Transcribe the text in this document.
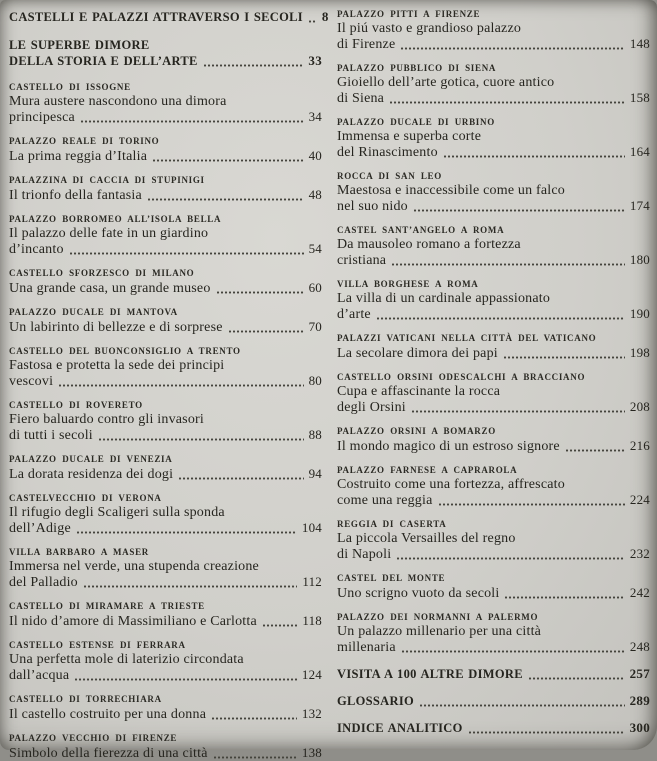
CASTELLI E PALAZZI ATTRAVERSO I SECOLI 8
LE SUPERBE DIMORE
DELLA STORIA E DELL’ARTE	33
CASTELLO DI ISSOGNE
Mura austere nascondono una dimora
principesca	34
PALAZZO REALE DI TORINO
La prima reggia d’Italia	40
PALAZZINA DI CACCIA DI STUPINIGI
Il trionfo della fantasia	48
PALAZZO BORROMEO ALL’ISOLA BELLA
Il palazzo delle fate in un giardino
d’incanto	54
CASTELLO SFORZESCO DI MILANO
Una grande casa, un grande museo	60
PALAZZO DUCALE DI MANTOVA
Un labirinto di bellezze e di sorprese	70
CASTELLO DEL BUONCONSIGLIO A TRENTO
Fastosa e protetta la sede dei principi
vescovi	80
CASTELLO DI ROVERETO
Fiero baluardo contro gli invasori
di tutti i secoli	88
PALAZZO DUCALE DI VENEZIA
La dorata residenza dei dogi	94
CASTELVECCHIO DI VERONA
Il rifugio degli Scaligeri sulla sponda
dell’Adige	104
VILLA BARBARO A MASER
Immersa nel verde, una stupenda creazione
del Palladio	112
CASTELLO DI MIRAMARE A TRIESTE
Il nido d’amore di Massimiliano e Carlotta	118
CASTELLO ESTENSE DI FERRARA
Una perfetta mole di laterizio circondata
dall’acqua	124
CASTELLO DI TORRECHIARA
Il castello costruito per una donna	132
PALAZZO VECCHIO DI FIRENZE
Simbolo della fierezza di una città	138
PALAZZO PITTI A FIRENZE
Il piú vasto e grandioso palazzo
di Firenze	148
PALAZZO PUBBLICO DI SIENA
Gioiello dell’arte gotica, cuore antico
di Siena	158
PALAZZO DUCALE DI URBINO
Immensa e superba corte
del Rinascimento	164
ROCCA DI SAN LEO
Maestosa e inaccessibile come un falco
nel suo nido	174
CASTEL SANT’ANGELO A ROMA
Da mausoleo romano a fortezza
cristiana	180
VILLA BORGHESE A ROMA
La villa di un cardinale appassionato
d’arte	190
PALAZZI VATICANI NELLA CITTÀ DEL VATICANO
La secolare dimora dei papi	198
CASTELLO ORSINI ODESCALCHI A BRACCIANO
Cupa e affascinante la rocca
degli Orsini	208
PALAZZO ORSINI A BOMARZO
Il mondo magico di un estroso signore	216
PALAZZO FARNESE A CAPRAROLA
Costruito come una fortezza, affrescato
come una reggia	224
REGGIA DI CASERTA
La piccola Versailles del regno
di Napoli	232
CASTEL DEL MONTE
Uno scrigno vuoto da secoli	242
PALAZZO DEI NORMANNI A PALERMO
Un palazzo millenario per una città
millenaria	248
VISITA A 100 ALTRE DIMORE	257
GLOSSARIO	289
INDICE ANALITICO	300
